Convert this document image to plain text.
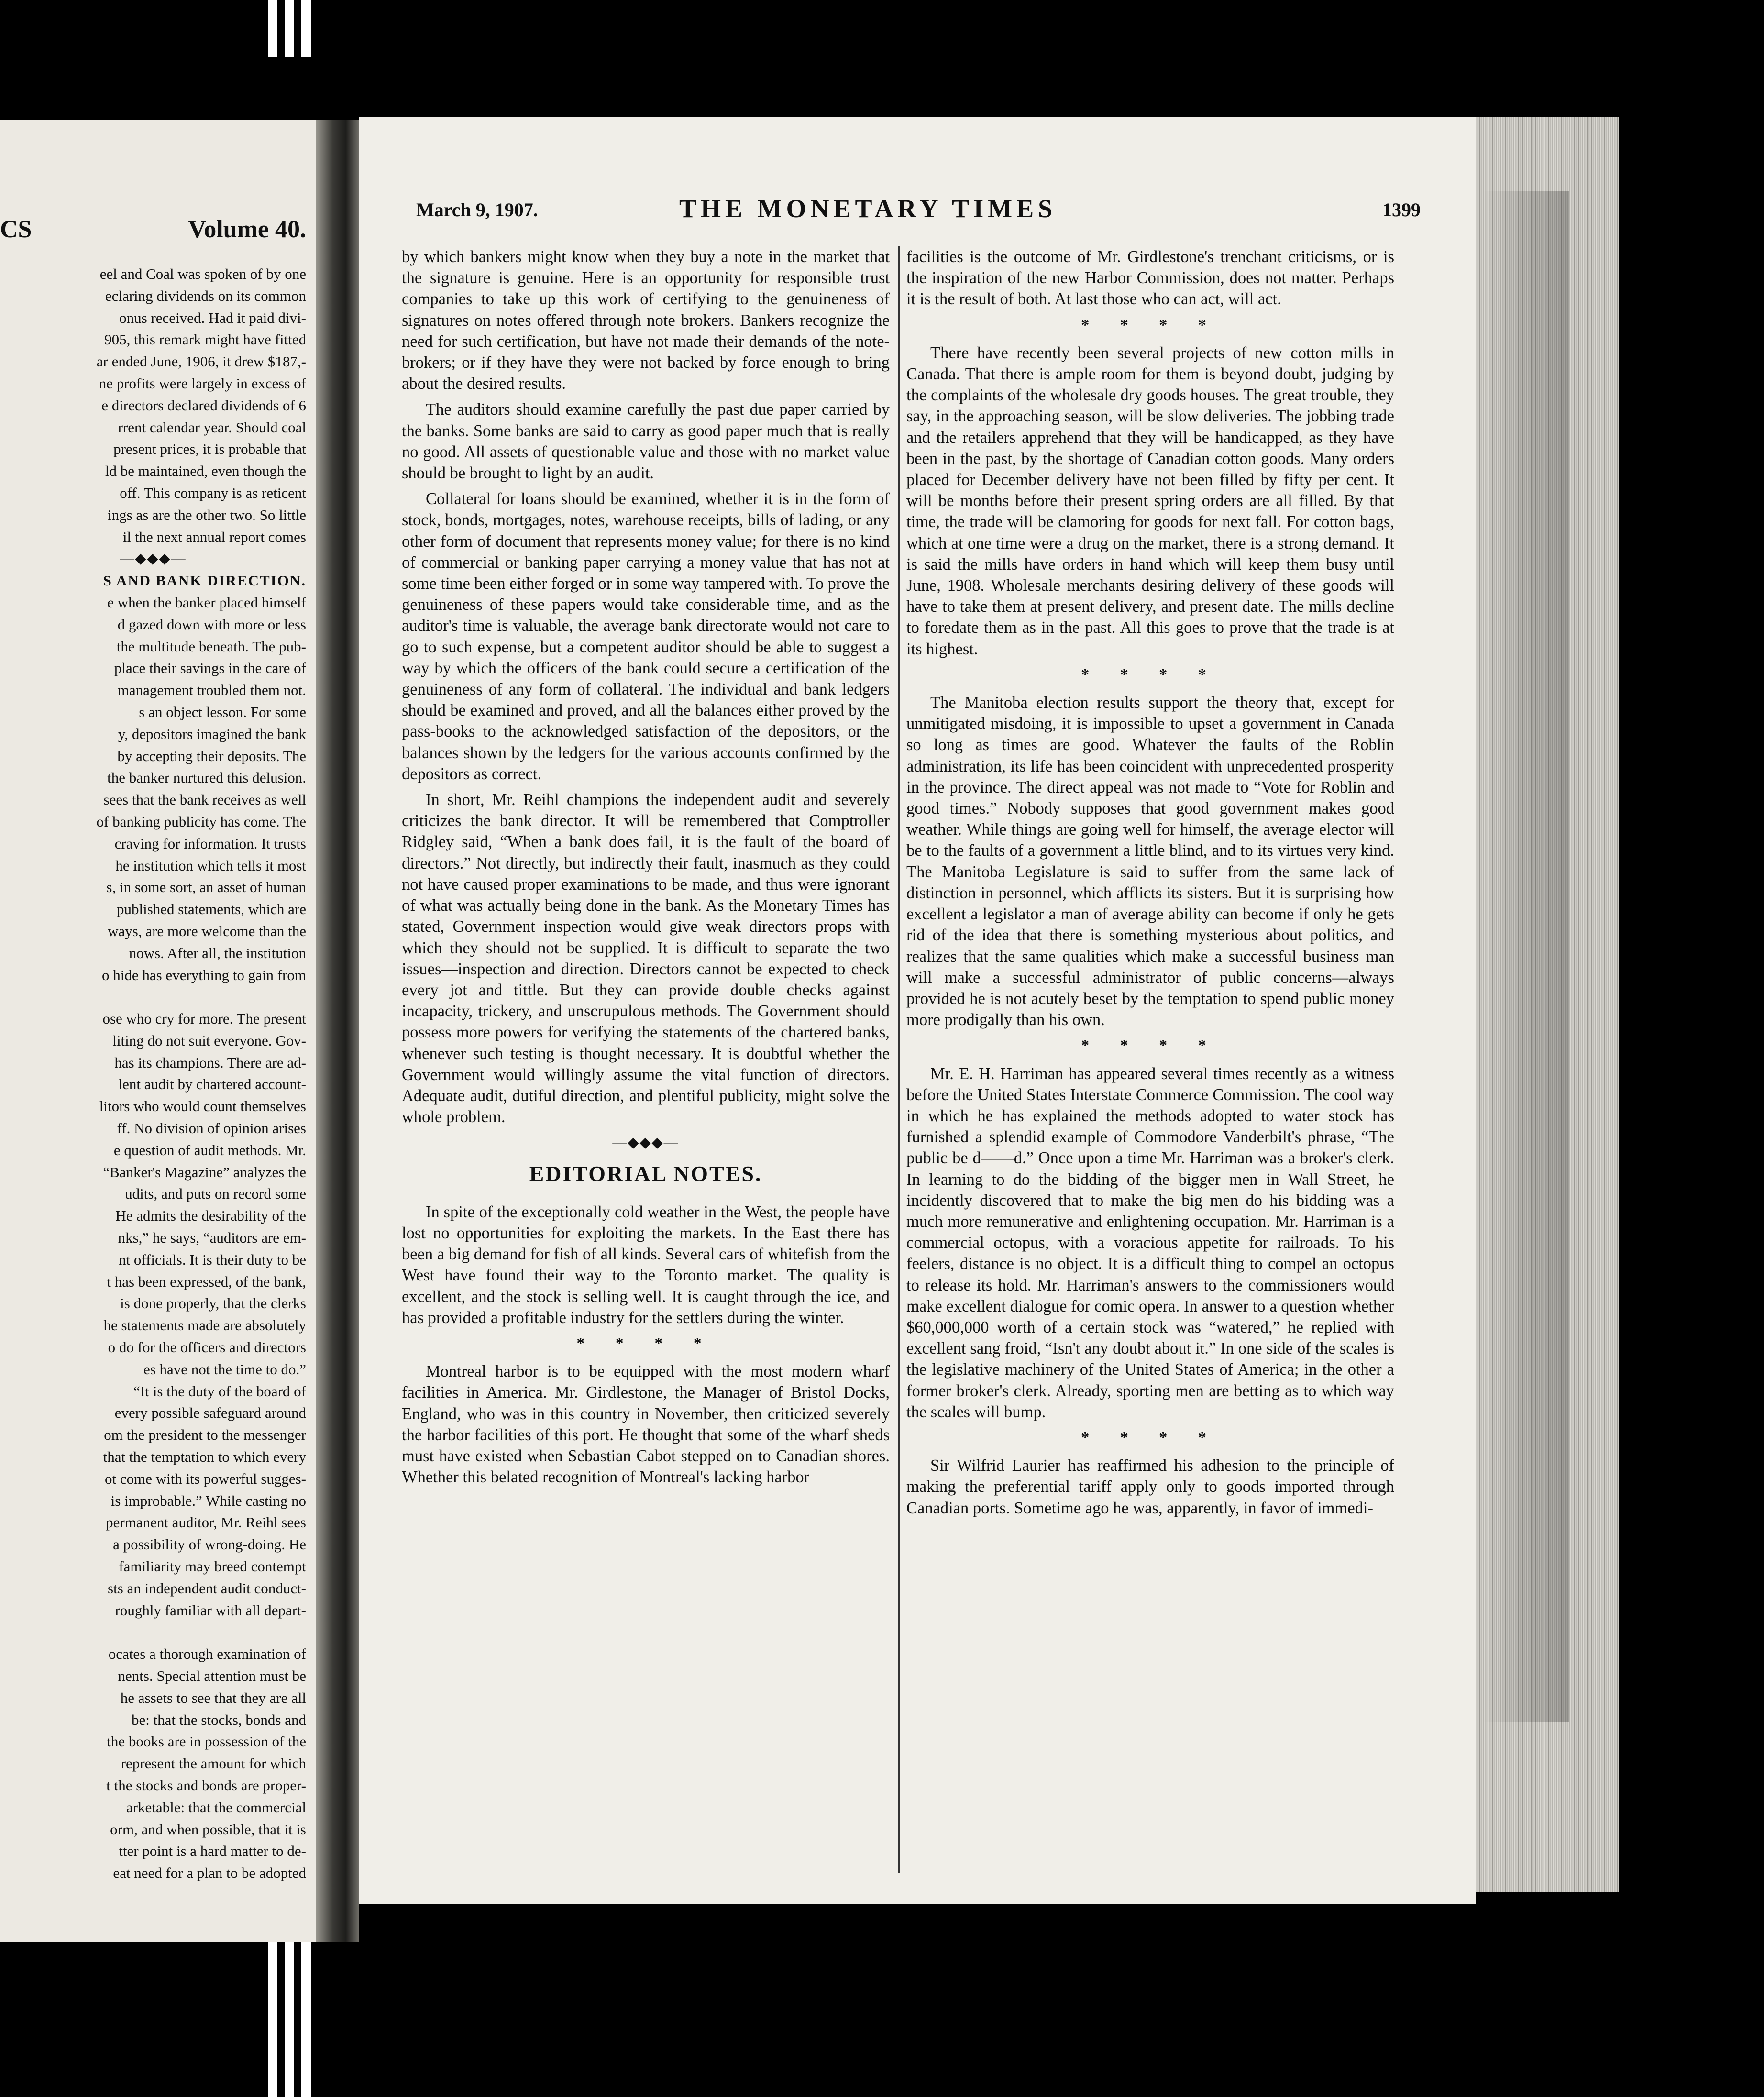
CS	Volume 40.
eel and Coal was spoken of by one
eclaring dividends on its common
onus received. Had it paid divi-
905, this remark might have fitted
ar ended June, 1906, it drew $187,-
ne profits were largely in excess of
e directors declared dividends of 6
rrent calendar year. Should coal
present prices, it is probable that
ld be maintained, even though the
off. This company is as reticent
ings as are the other two. So little
il the next annual report comes
—◆◆◆—
S AND BANK DIRECTION.
e when the banker placed himself
d gazed down with more or less
the multitude beneath. The pub-
place their savings in the care of
management troubled them not.
s an object lesson. For some
y, depositors imagined the bank
by accepting their deposits. The
the banker nurtured this delusion.
sees that the bank receives as well
of banking publicity has come. The
craving for information. It trusts
he institution which tells it most
s, in some sort, an asset of human
published statements, which are
ways, are more welcome than the
nows. After all, the institution
o hide has everything to gain from
ose who cry for more. The present
liting do not suit everyone. Gov-
has its champions. There are ad-
lent audit by chartered account-
litors who would count themselves
ff. No division of opinion arises
e question of audit methods. Mr.
“Banker's Magazine” analyzes the
udits, and puts on record some
He admits the desirability of the
nks,” he says, “auditors are em-
nt officials. It is their duty to be
t has been expressed, of the bank,
is done properly, that the clerks
he statements made are absolutely
o do for the officers and directors
es have not the time to do.”
“It is the duty of the board of
every possible safeguard around
om the president to the messenger
that the temptation to which every
ot come with its powerful sugges-
is improbable.” While casting no
permanent auditor, Mr. Reihl sees
a possibility of wrong-doing. He
familiarity may breed contempt
sts an independent audit conduct-
roughly familiar with all depart-
ocates a thorough examination of
nents. Special attention must be
he assets to see that they are all
be: that the stocks, bonds and
the books are in possession of the
represent the amount for which
t the stocks and bonds are proper-
arketable: that the commercial
orm, and when possible, that it is
tter point is a hard matter to de-
eat need for a plan to be adopted
March 9, 1907.	THE MONETARY TIMES	1399

by which bankers might know when they buy a note in the market that the signature is genuine. Here is an opportunity for responsible trust companies to take up this work of certifying to the genuineness of signatures on notes offered through note brokers. Bankers recognize the need for such certification, but have not made their demands of the note-brokers; or if they have they were not backed by force enough to bring about the desired results.

The auditors should examine carefully the past due paper carried by the banks. Some banks are said to carry as good paper much that is really no good. All assets of questionable value and those with no market value should be brought to light by an audit.

Collateral for loans should be examined, whether it is in the form of stock, bonds, mortgages, notes, warehouse receipts, bills of lading, or any other form of document that represents money value; for there is no kind of commercial or banking paper carrying a money value that has not at some time been either forged or in some way tampered with. To prove the genuineness of these papers would take considerable time, and as the auditor's time is valuable, the average bank directorate would not care to go to such expense, but a competent auditor should be able to suggest a way by which the officers of the bank could secure a certification of the genuineness of any form of collateral. The individual and bank ledgers should be examined and proved, and all the balances either proved by the pass-books to the acknowledged satisfaction of the depositors, or the balances shown by the ledgers for the various accounts confirmed by the depositors as correct.

In short, Mr. Reihl champions the independent audit and severely criticizes the bank director. It will be remembered that Comptroller Ridgley said, “When a bank does fail, it is the fault of the board of directors.” Not directly, but indirectly their fault, inasmuch as they could not have caused proper examinations to be made, and thus were ignorant of what was actually being done in the bank. As the Monetary Times has stated, Government inspection would give weak directors props with which they should not be supplied. It is difficult to separate the two issues—inspection and direction. Directors cannot be expected to check every jot and tittle. But they can provide double checks against incapacity, trickery, and unscrupulous methods. The Government should possess more powers for verifying the statements of the chartered banks, whenever such testing is thought necessary. It is doubtful whether the Government would willingly assume the vital function of directors. Adequate audit, dutiful direction, and plentiful publicity, might solve the whole problem.

—◆◆◆—
EDITORIAL NOTES.

In spite of the exceptionally cold weather in the West, the people have lost no opportunities for exploiting the markets. In the East there has been a big demand for fish of all kinds. Several cars of whitefish from the West have found their way to the Toronto market. The quality is excellent, and the stock is selling well. It is caught through the ice, and has provided a profitable industry for the settlers during the winter.

* * * *

Montreal harbor is to be equipped with the most modern wharf facilities in America. Mr. Girdlestone, the Manager of Bristol Docks, England, who was in this country in November, then criticized severely the harbor facilities of this port. He thought that some of the wharf sheds must have existed when Sebastian Cabot stepped on to Canadian shores. Whether this belated recognition of Montreal's lacking harbor

facilities is the outcome of Mr. Girdlestone's trenchant criticisms, or is the inspiration of the new Harbor Commission, does not matter. Perhaps it is the result of both. At last those who can act, will act.

* * * *

There have recently been several projects of new cotton mills in Canada. That there is ample room for them is beyond doubt, judging by the complaints of the wholesale dry goods houses. The great trouble, they say, in the approaching season, will be slow deliveries. The jobbing trade and the retailers apprehend that they will be handicapped, as they have been in the past, by the shortage of Canadian cotton goods. Many orders placed for December delivery have not been filled by fifty per cent. It will be months before their present spring orders are all filled. By that time, the trade will be clamoring for goods for next fall. For cotton bags, which at one time were a drug on the market, there is a strong demand. It is said the mills have orders in hand which will keep them busy until June, 1908. Wholesale merchants desiring delivery of these goods will have to take them at present delivery, and present date. The mills decline to foredate them as in the past. All this goes to prove that the trade is at its highest.

* * * *

The Manitoba election results support the theory that, except for unmitigated misdoing, it is impossible to upset a government in Canada so long as times are good. Whatever the faults of the Roblin administration, its life has been coincident with unprecedented prosperity in the province. The direct appeal was not made to “Vote for Roblin and good times.” Nobody supposes that good government makes good weather. While things are going well for himself, the average elector will be to the faults of a government a little blind, and to its virtues very kind. The Manitoba Legislature is said to suffer from the same lack of distinction in personnel, which afflicts its sisters. But it is surprising how excellent a legislator a man of average ability can become if only he gets rid of the idea that there is something mysterious about politics, and realizes that the same qualities which make a successful business man will make a successful administrator of public concerns—always provided he is not acutely beset by the temptation to spend public money more prodigally than his own.

* * * *

Mr. E. H. Harriman has appeared several times recently as a witness before the United States Interstate Commerce Commission. The cool way in which he has explained the methods adopted to water stock has furnished a splendid example of Commodore Vanderbilt's phrase, “The public be d——d.” Once upon a time Mr. Harriman was a broker's clerk. In learning to do the bidding of the bigger men in Wall Street, he incidently discovered that to make the big men do his bidding was a much more remunerative and enlightening occupation. Mr. Harriman is a commercial octopus, with a voracious appetite for railroads. To his feelers, distance is no object. It is a difficult thing to compel an octopus to release its hold. Mr. Harriman's answers to the commissioners would make excellent dialogue for comic opera. In answer to a question whether $60,000,000 worth of a certain stock was “watered,” he replied with excellent sang froid, “Isn't any doubt about it.” In one side of the scales is the legislative machinery of the United States of America; in the other a former broker's clerk. Already, sporting men are betting as to which way the scales will bump.

* * * *

Sir Wilfrid Laurier has reaffirmed his adhesion to the principle of making the preferential tariff apply only to goods imported through Canadian ports. Sometime ago he was, apparently, in favor of immedi-
